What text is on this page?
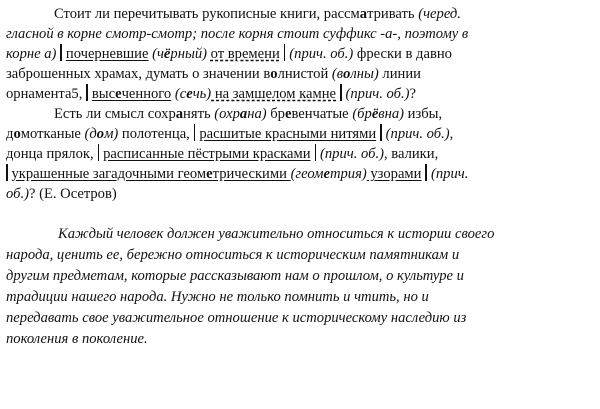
Стоит ли перечитывать рукописные книги, рассматривать (черед.
гласной в корне смотр-смотр; после корня стоит суффикс -а-, поэтому в
корне а) почерневшие (чёрный) от времени (прич. об.) фрески в давно
заброшенных храмах, думать о значении волнистой (волны) линии
орнамента5, высеченного (сечь) на замшелом камне (прич. об.)?
Есть ли смысл сохранять (охрана) бревенчатые (брёвна) избы,
домотканые (дом) полотенца, расшитые красными нитями (прич. об.),
донца прялок, расписанные пёстрыми красками (прич. об.), валики,
украшенные загадочными геометрическими (геометрия) узорами (прич.
об.)? (Е. Осетров)
Каждый человек должен уважительно относиться к истории своего
народа, ценить ее, бережно относиться к историческим памятникам и
другим предметам, которые рассказывают нам о прошлом, о культуре и
традиции нашего народа. Нужно не только помнить и чтить, но и
передавать свое уважительное отношение к историческому наследию из
поколения в поколение.
